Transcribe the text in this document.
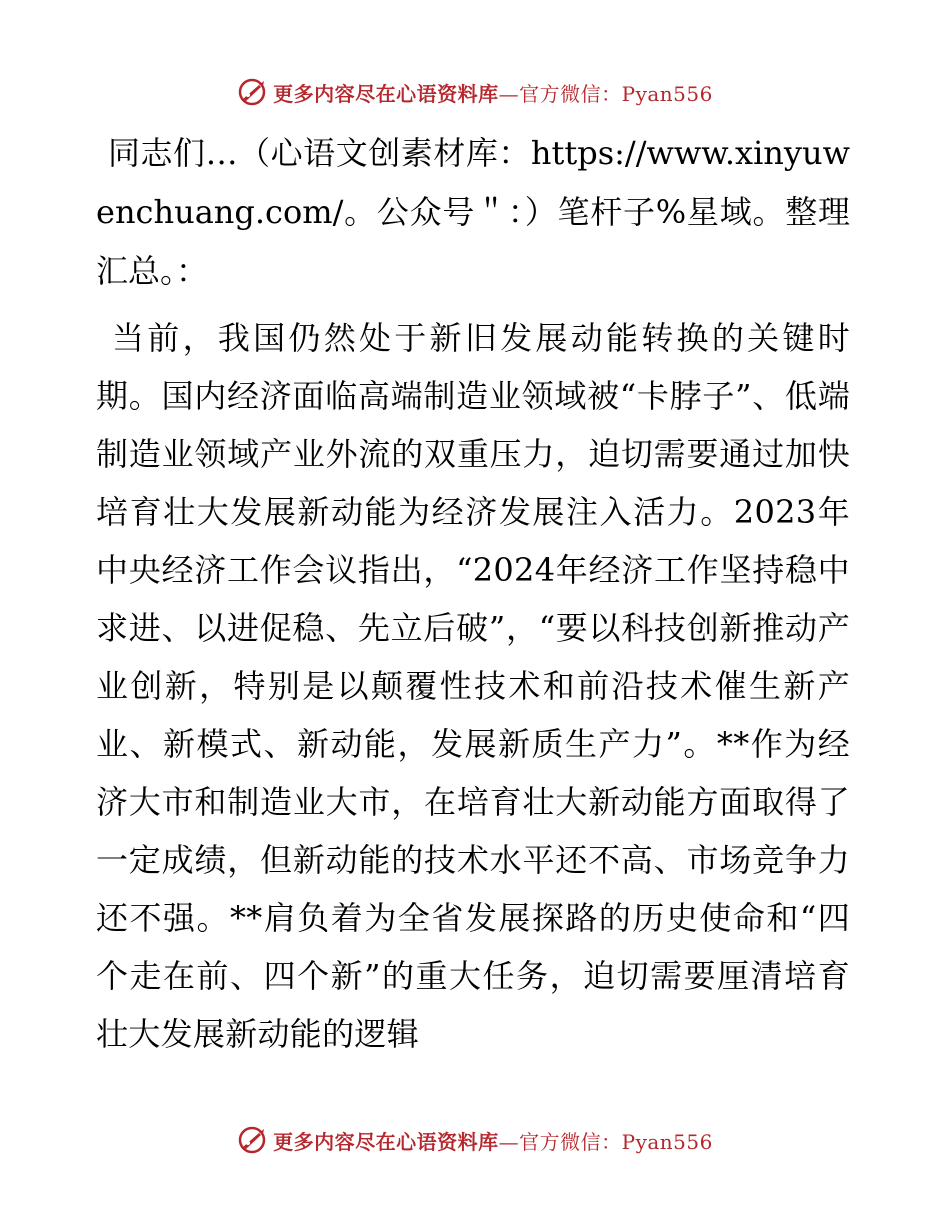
更多内容尽在心语资料库—官方微信：Pyan556

同志们…（心语文创素材库：https://www.xinyuwenchuang.com/。公众号＂：）笔杆子%星域。整理汇总。：

当前，我国仍然处于新旧发展动能转换的关键时期。国内经济面临高端制造业领域被“卡脖子”、低端制造业领域产业外流的双重压力，迫切需要通过加快培育壮大发展新动能为经济发展注入活力。2023年中央经济工作会议指出，“2024年经济工作坚持稳中求进、以进促稳、先立后破”，“要以科技创新推动产业创新，特别是以颠覆性技术和前沿技术催生新产业、新模式、新动能，发展新质生产力”。**作为经济大市和制造业大市，在培育壮大新动能方面取得了一定成绩，但新动能的技术水平还不高、市场竞争力还不强。**肩负着为全省发展探路的历史使命和“四个走在前、四个新”的重大任务，迫切需要厘清培育壮大发展新动能的逻辑

更多内容尽在心语资料库—官方微信：Pyan556
